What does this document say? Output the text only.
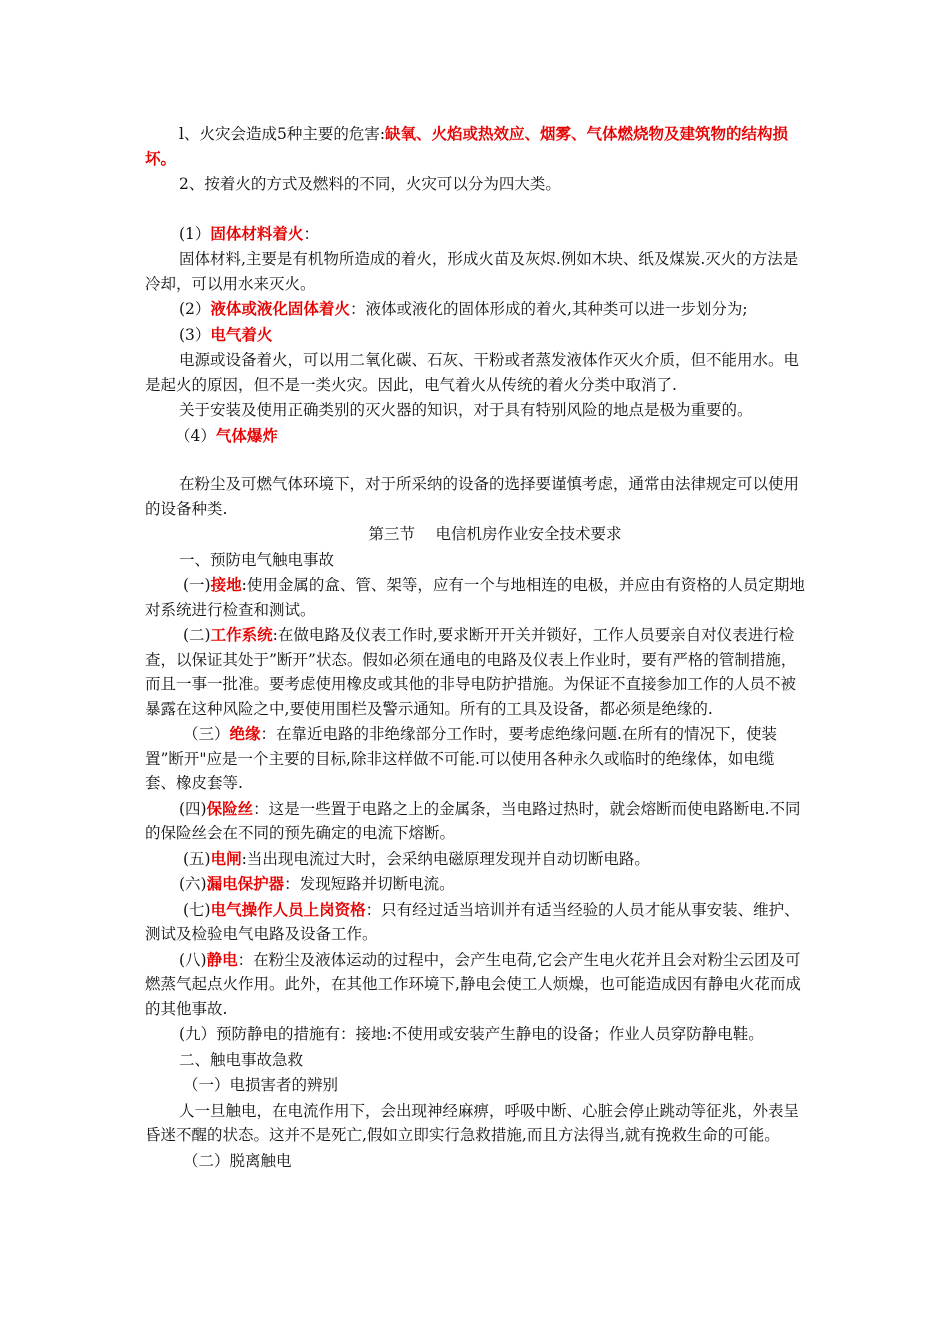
l、火灾会造成5种主要的危害:缺氧、火焰或热效应、烟雾、气体燃烧物及建筑物的结构损坏。

2、按着火的方式及燃料的不同，火灾可以分为四大类。

(1）固体材料着火：

固体材料,主要是有机物所造成的着火，形成火苗及灰烬.例如木块、纸及煤炭.灭火的方法是冷却，可以用水来灭火。

(2）液体或液化固体着火：液体或液化的固体形成的着火,其种类可以进一步划分为;

(3）电气着火

电源或设备着火，可以用二氧化碳、石灰、干粉或者蒸发液体作灭火介质，但不能用水。电是起火的原因，但不是一类火灾。因此，电气着火从传统的着火分类中取消了.

关于安装及使用正确类别的灭火器的知识，对于具有特别风险的地点是极为重要的。

（4）气体爆炸

在粉尘及可燃气体环境下，对于所采纳的设备的选择要谨慎考虑，通常由法律规定可以使用的设备种类.

第三节　 电信机房作业安全技术要求

一、预防电气触电事故

(一)接地:使用金属的盒、管、架等，应有一个与地相连的电极，并应由有资格的人员定期地对系统进行检查和测试。

(二)工作系统:在做电路及仪表工作时,要求断开开关并锁好，工作人员要亲自对仪表进行检查，以保证其处于”断开”状态。假如必须在通电的电路及仪表上作业时，要有严格的管制措施，而且一事一批准。要考虑使用橡皮或其他的非导电防护措施。为保证不直接参加工作的人员不被暴露在这种风险之中,要使用围栏及警示通知。所有的工具及设备，都必须是绝缘的.

（三）绝缘：在靠近电路的非绝缘部分工作时，要考虑绝缘问题.在所有的情况下，使装置”断开"应是一个主要的目标,除非这样做不可能.可以使用各种永久或临时的绝缘体，如电缆套、橡皮套等.

(四)保险丝：这是一些置于电路之上的金属条，当电路过热时，就会熔断而使电路断电.不同的保险丝会在不同的预先确定的电流下熔断。

(五)电闸:当出现电流过大时，会采纳电磁原理发现并自动切断电路。

(六)漏电保护器：发现短路并切断电流。

(七)电气操作人员上岗资格：只有经过适当培训并有适当经验的人员才能从事安装、维护、测试及检验电气电路及设备工作。

(八)静电：在粉尘及液体运动的过程中，会产生电荷,它会产生电火花并且会对粉尘云团及可燃蒸气起点火作用。此外，在其他工作环境下,静电会使工人烦燥，也可能造成因有静电火花而成的其他事故.

(九）预防静电的措施有：接地:不使用或安装产生静电的设备；作业人员穿防静电鞋。

二、触电事故急救

（一）电损害者的辨别

人一旦触电，在电流作用下，会出现神经麻痹，呼吸中断、心脏会停止跳动等征兆，外表呈昏迷不醒的状态。这并不是死亡,假如立即实行急救措施,而且方法得当,就有挽救生命的可能。

（二）脱离触电
